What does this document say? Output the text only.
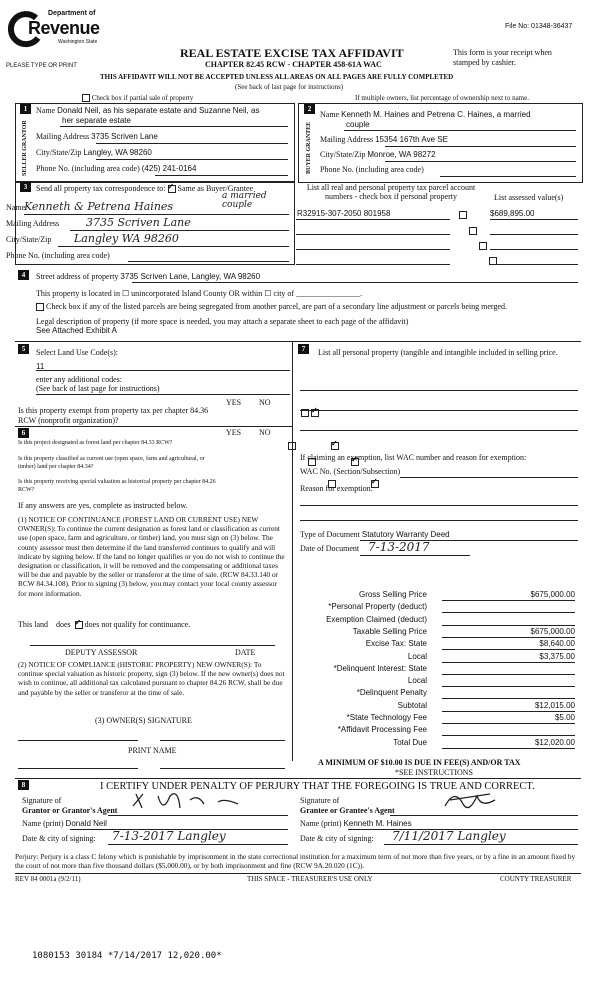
Department of
Revenue
Washington State
PLEASE TYPE OR PRINT
File No: 01348-36437
REAL ESTATE EXCISE TAX AFFIDAVIT
CHAPTER 82.45 RCW - CHAPTER 458-61A WAC
This form is your receipt when stamped by cashier.
THIS AFFIDAVIT WILL NOT BE ACCEPTED UNLESS ALL AREAS ON ALL PAGES ARE FULLY COMPLETED
(See back of last page for instructions)
Check box if partial sale of property	If multiple owners, list percentage of ownership next to name.
1
SELLER GRANTOR
Name Donald Neil, as his separate estate and Suzanne Neil, as
her separate estate
Mailing Address 3735 Scriven Lane
City/State/Zip Langley, WA 98260
Phone No. (including area code) (425) 241-0164
2
BUYER GRANTEE
Name Kenneth M. Haines and Petrena C. Haines, a married
couple
Mailing Address 15354 167th Ave SE
City/State/Zip Monroe, WA 98272
Phone No. (including area code)
3	Send all property tax correspondence to: ✓ Same as Buyer/Grantee
Name
Kenneth & Petrena Haines
a married couple
Mailing Address 3735 Scriven Lane
City/State/Zip Langley WA 98260
Phone No. (including area code)
List all real and personal property tax parcel account numbers - check box if personal property	List assessed value(s)
R32915-307-2050 801958	$689,895.00

4	Street address of property 3735 Scriven Lane, Langley, WA 98260
This property is located in ☐ unincorporated Island County OR within ☐ city of ________________.
Check box if any of the listed parcels are being segregated from another parcel, are part of a secondary line adjustment or parcels being merged.
Legal description of property (if more space is needed, you may attach a separate sheet to each page of the affidavit)
See Attached Exhibit A
5	Select Land Use Code(s):
11
enter any additional codes:
(See back of last page for instructions)
YES NO
Is this property exempt from property tax per chapter 84.36 RCW (nonprofit organization)?
✓
6	YES NO
Is this project designated as forest land per chapter 84.33 RCW?
✓
Is this property classified as current use (open space, farm and agricultural, or timber) land per chapter 84.34?
✓
Is this property receiving special valuation as historical property per chapter 84.26 RCW?
✓
If any answers are yes, complete as instructed below.
(1) NOTICE OF CONTINUANCE (FOREST LAND OR CURRENT USE) NEW OWNER(S): To continue the current designation as forest land or classification as current use (open space, farm and agriculture, or timber) land, you must sign on (3) below. The county assessor must then determine if the land transferred continues to qualify and will indicate by signing below. If the land no longer qualifies or you do not wish to continue the designation or classification, it will be removed and the compensating or additional taxes will be due and payable by the seller or transferor at the time of sale. (RCW 84.33.140 or RCW 84.34.108). Prior to signing (3) below, you may contact your local county assessor for more information.
This land does ✓ does not qualify for continuance.
DEPUTY ASSESSOR	DATE
(2) NOTICE OF COMPLIANCE (HISTORIC PROPERTY) NEW OWNER(S): To continue special valuation as historic property, sign (3) below. If the new owner(s) does not wish to continue, all additional tax calculated pursuant to chapter 84.26 RCW, shall be due and payable by the seller or transferor at the time of sale.
(3) OWNER(S) SIGNATURE
PRINT NAME
7	List all personal property (tangible and intangible included in selling price.
If claiming an exemption, list WAC number and reason for exemption:
WAC No. (Section/Subsection)
Reason for exemption:
Type of Document Statutory Warranty Deed
Date of Document 7-13-2017
Gross Selling Price	$675,000.00
*Personal Property (deduct)
Exemption Claimed (deduct)
Taxable Selling Price	$675,000.00
Excise Tax: State	$8,640.00
Local	$3,375.00
*Delinquent Interest: State
Local
*Delinquent Penalty
Subtotal	$12,015.00
*State Technology Fee	$5.00
*Affidavit Processing Fee
Total Due	$12,020.00
A MINIMUM OF $10.00 IS DUE IN FEE(S) AND/OR TAX
*SEE INSTRUCTIONS
8	I CERTIFY UNDER PENALTY OF PERJURY THAT THE FOREGOING IS TRUE AND CORRECT.
Signature of
Grantor or Grantor's Agent
Name (print) Donald Neil
Date & city of signing: 7-13-2017 Langley
Signature of
Grantee or Grantee's Agent
Name (print) Kenneth M. Haines
Date & city of signing: 7/11/2017 Langley
Perjury: Perjury is a class C felony which is punishable by imprisonment in the state correctional institution for a maximum term of not more than five years, or by a fine in an amount fixed by the court of not more than five thousand dollars ($5,000.00), or by both imprisonment and fine (RCW 9A.20.020 (1C)).
REV 84 0001a (9/2/11)	THIS SPACE - TREASURER'S USE ONLY	COUNTY TREASURER
1080153 30184 *7/14/2017 12,020.00*
